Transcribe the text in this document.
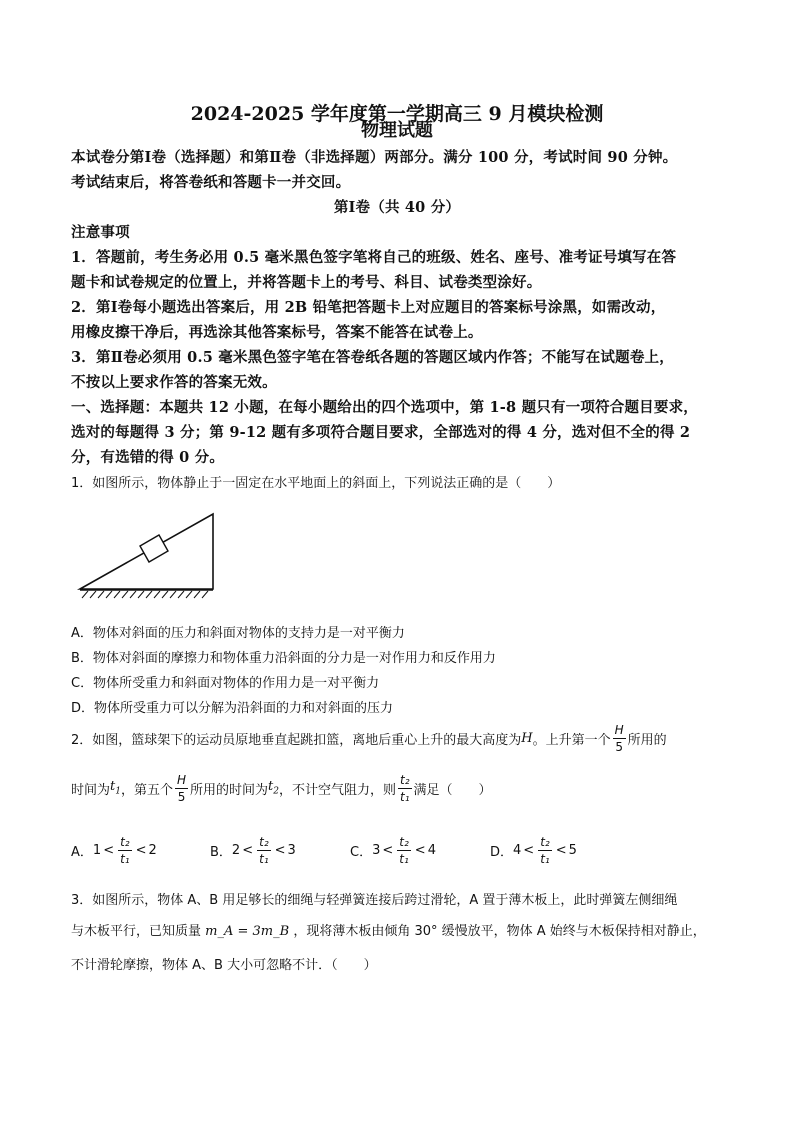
2024-2025 学年度第一学期高三 9 月模块检测
物理试题
本试卷分第Ⅰ卷（选择题）和第Ⅱ卷（非选择题）两部分。满分 100 分，考试时间 90 分钟。
考试结束后，将答卷纸和答题卡一并交回。
第Ⅰ卷（共 40 分）
注意事项
1．答题前，考生务必用 0.5 毫米黑色签字笔将自己的班级、姓名、座号、准考证号填写在答
题卡和试卷规定的位置上，并将答题卡上的考号、科目、试卷类型涂好。
2．第Ⅰ卷每小题选出答案后，用 2B 铅笔把答题卡上对应题目的答案标号涂黑，如需改动，
用橡皮擦干净后，再选涂其他答案标号，答案不能答在试卷上。
3．第Ⅱ卷必须用 0.5 毫米黑色签字笔在答卷纸各题的答题区域内作答；不能写在试题卷上，
不按以上要求作答的答案无效。
一、选择题：本题共 12 小题，在每小题给出的四个选项中，第 1-8 题只有一项符合题目要求，
选对的每题得 3 分；第 9-12 题有多项符合题目要求，全部选对的得 4 分，选对但不全的得 2
分，有选错的得 0 分。
1．如图所示，物体静止于一固定在水平地面上的斜面上，下列说法正确的是（　　）
A．物体对斜面的压力和斜面对物体的支持力是一对平衡力
B．物体对斜面的摩擦力和物体重力沿斜面的分力是一对作用力和反作用力
C．物体所受重力和斜面对物体的作用力是一对平衡力
D．物体所受重力可以分解为沿斜面的力和对斜面的压力
2．如图，篮球架下的运动员原地垂直起跳扣篮，离地后重心上升的最大高度为 H 。上升第一个 $\frac{H}{5}$ 所用的
时间为 $t_1$ ，第五个 $\frac{H}{5}$ 所用的时间为 $t_2$ ，不计空气阻力，则 $\frac{\text{t₂}}{\text{t₁}}$ 满足（　　）
A． $1 < \frac{\text{t₂}}{\text{t₁}} < 2$	B． $2 < \frac{\text{t₂}}{\text{t₁}} < 3$	C． $3 < \frac{\text{t₂}}{\text{t₁}} < 4$	D． $4 < \frac{\text{t₂}}{\text{t₁}} < 5$
3．如图所示，物体 A、B 用足够长的细绳与轻弹簧连接后跨过滑轮，A 置于薄木板上，此时弹簧左侧细绳
与木板平行，已知质量 m_A = 3m_B ，现将薄木板由倾角 30° 缓慢放平，物体 A 始终与木板保持相对静止，
不计滑轮摩擦，物体 A、B 大小可忽略不计．（　　）
